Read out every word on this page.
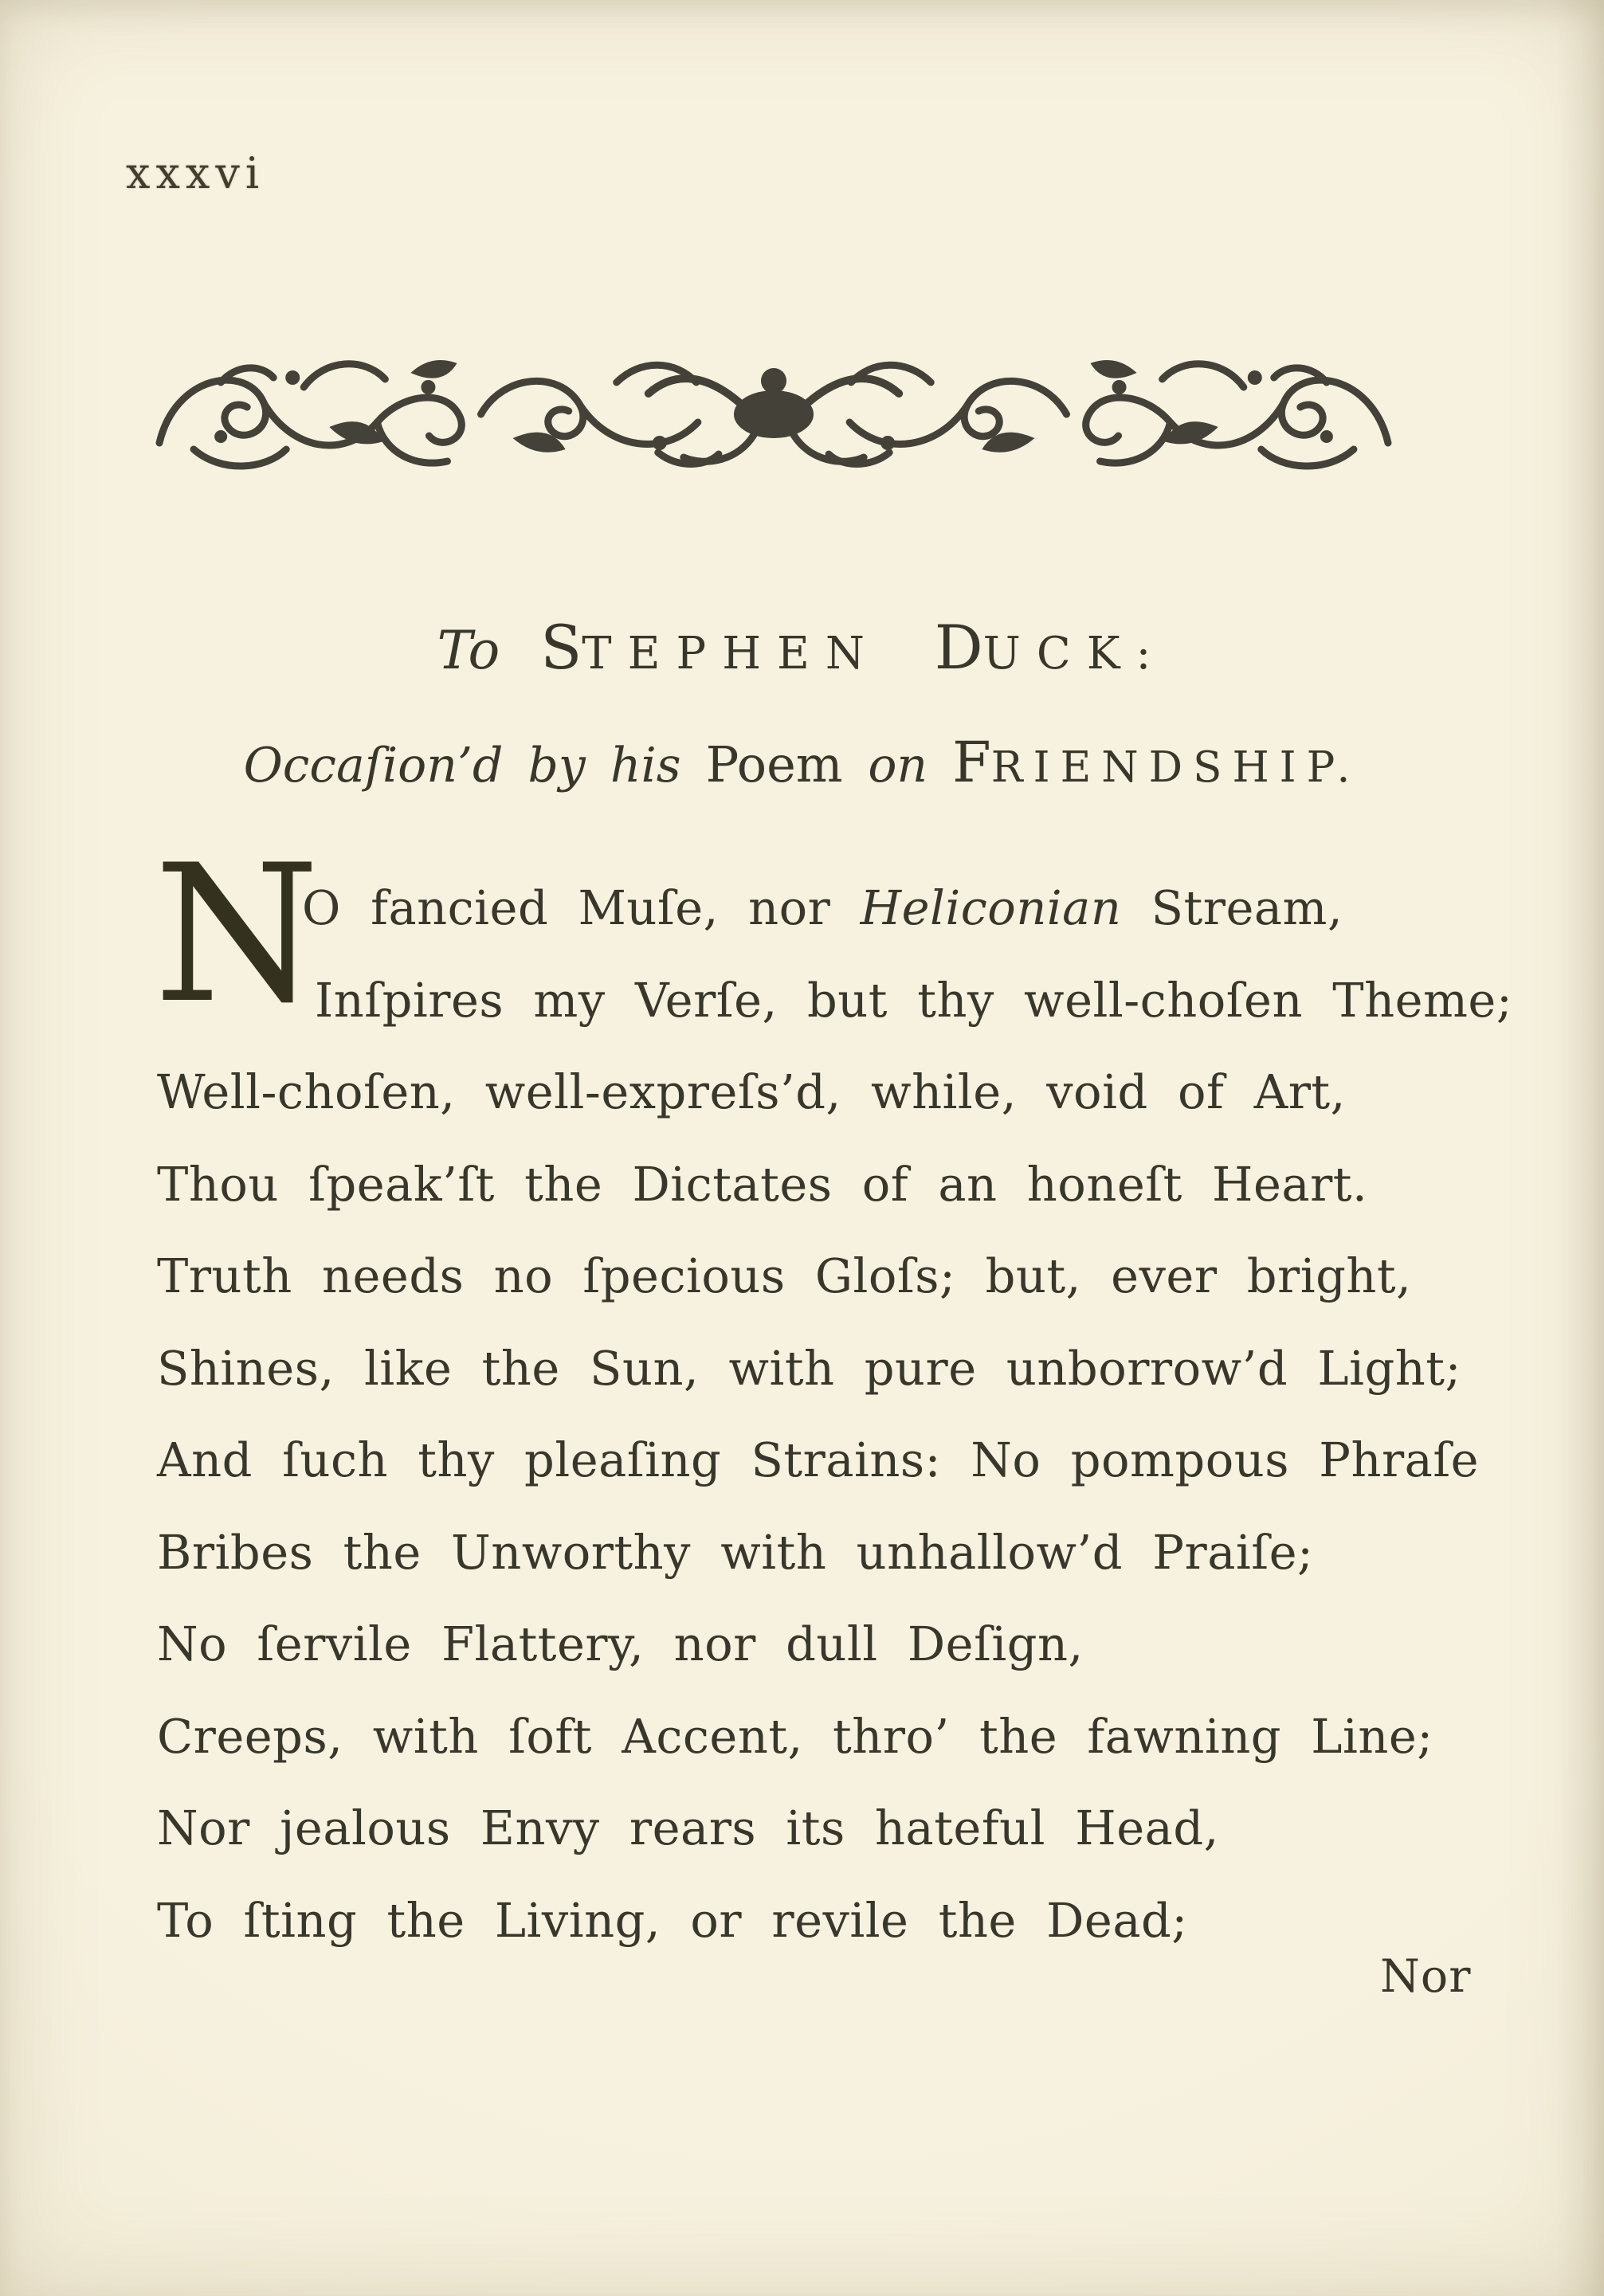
xxxvi
To STEPHEN DUCK:
Occaſion’d by his Poem on FRIENDSHIP.
N
O fancied Muſe, nor Heliconian Stream,
Inſpires my Verſe, but thy well-choſen Theme;
Well-choſen, well-expreſs’d, while, void of Art,
Thou ſpeak’ſt the Dictates of an honeſt Heart.
Truth needs no ſpecious Gloſs; but, ever bright,
Shines, like the Sun, with pure unborrow’d Light;
And ſuch thy pleaſing Strains: No pompous Phraſe
Bribes the Unworthy with unhallow’d Praiſe;
No ſervile Flattery, nor dull Deſign,
Creeps, with ſoft Accent, thro’ the fawning Line;
Nor jealous Envy rears its hateful Head,
To ſting the Living, or revile the Dead;
Nor
